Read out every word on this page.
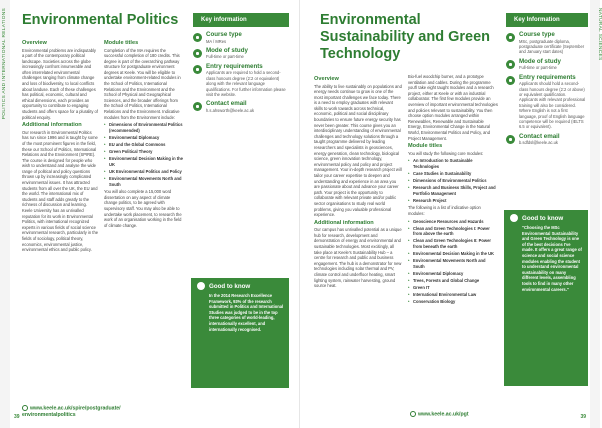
POLITICS AND INTERNATIONAL RELATIONS	Environmental Politics	Key information
Overview

Environmental problems are indisputably a part of the contemporary political landscape. Societies across the globe increasingly confront innumerable and often interrelated environmental challenges ranging from climate change and loss of biodiversity, to local conflicts about landuse. Each of these challenges has political, economic, cultural and ethical dimensions, each provides an opportunity to contribute to engaging students and offers space for a plurality of political enquiry.

Additional information

Our research in Environmental Politics has run since 1996 and is taught by some of the most prominent figures in the field, these our School of Politics, International Relations and the Environment (SPIRE). The course is designed for people who wish to understand and analyse the wide range of political and policy questions thrown up by increasingly complicated environmental issues. It has attracted students from all over the UK, the EU and the world. The international mix of students and staff adds greatly to the richness of discussion and learning. Keele University has an unrivalled reputation for its work in Environmental Politics, with international recognized experts in various fields of social science environmental research, particularly in the fields of sociology, political theory, economics, environmental justice, environmental ethics and public policy.

Module titles

Completion of the MA requires the successful completion of 180 credits. This degree is part of the overarching pathway structure for postgraduate environment degrees at Keele. You will be eligible to undertake environment-related modules in the School of Politics, International Relations and the Environment and the School of Physical and Geographical Sciences, and the broader offerings from the School of Politics, International Relations and the Environment. Indicative modules from the Environment include:

• Dimensions of Environmental Politics (recommended)
• Environmental Diplomacy
• EU and the Global Commons
• Green Political Theory
• Environmental Decision Making in the UK
• UK Environmental Politics and Policy
• Environmental Movements North and South

You will also complete a 15,000 word dissertation on any aspect of climate change politics, to be agreed with supervisory staff. You may also be able to undertake work placement, to research the work of an organisation working in the field of climate change.

Course type
MA / MRes
Mode of study
Full-time or part-time
Entry requirements
Applicants are required to hold a second-class honours degree (2:2 or equivalent) along with the relevant language qualifications. For further information please visit the website.
Contact email
h.s.ahsworth@keele.ac.uk
Good to know
In the 2014 Research Excellence Framework, 93% of the research submitted in Politics and International Studies was judged to be in the top three categories of world-leading, internationally excellent, and internationally recognised.
www.keele.ac.uk/spire/postgraduate/ environmentalpolitics
39
NATURAL SCIENCES
Environmental Sustainability and Green Technology
Key Information
Overview

The ability to live sustainably on populations and energy needs continue to grow is one of the most important challenges we face today. There is a need to employ graduates with relevant skills to work towards across technical, economic, political and social disciplinary boundaries to ensure future energy security has never been greater. This course gives you an interdisciplinary understanding of environmental challenges and technology solutions through a taught programme delivered by leading researchers and specialists in geosciences, energy generation, clean technology, biological science, green innovation technology, environmental policy and policy and project management. Your in-depth research project will tailor your career expertise to deepen and understanding and experience in an area you are passionate about and advance your career path. Your project is the opportunity to collaborate with relevant private and/or public sector organisations to study real world problems, giving you valuable professional experience.

Additional information

Our campus has unrivalled potential as a unique hub for research, development and demonstration of energy and environmental and sustainable technologies. Most excitingly, all take place at Keele's Sustainability Hub – a centre for research and public and business engagement. The hub is a demonstrator for new technologies including solar thermal and PV, climate control and underfloor heating, smart lighting system, rainwater harvesting, ground source heat.

Bio-fuel woodchip burner, and a prototype ventilation and cables. During the programme you'll take eight taught modules and a research project, either at Keele or with an industrial collaborator. The first few modules provide an overview of important environmental technologies and policies relevant to sustainability. You then choose option modules arranged within Renewables, Renewable and Sustainable Energy, Environmental Change in the Natural World, Environmental Politics and Policy, and Project Management.

Module titles

You will study the following core modules:

• An Introduction to Sustainable Technologies
• Case Studies in Sustainability
• Dimensions of Environmental Politics
• Research and Business Skills, Project and Portfolio Management
• Research Project

The following is a list of indicative option modules:

• Geoscience Resources and Hazards
• Clean and Green Technologies I: Power from above the earth
• Clean and Green Technologies II: Power from beneath the earth
• Environmental Decision Making in the UK
• Environmental Movements North and South
• Environmental Diplomacy
• Trees, Forests and Global Change
• Green IT
• International Environmental Law
• Conservation Biology
Course type
MSc, postgraduate diploma, postgraduate certificate (September and January start dates)
Mode of study
Full-time or part-time
Entry requirements
Applicants should hold a second-class honours degree (2:2 or above) or equivalent qualification. Applicants with relevant professional training will also be considered. Where English is not a first language, proof of English language competence will be required (IELTS 6.5 or equivalent).
Contact email
b.sdfdsl@keele.ac.uk
Good to know
"Choosing the MSc Environmental Sustainability and Green Technology is one of the best decisions I've made. It offers a great range of science and social science modules enabling the student to understand environmental sustainability on many different levels, assembling tools to find in many other environmental careers."
www.keele.ac.uk/pgt	39
